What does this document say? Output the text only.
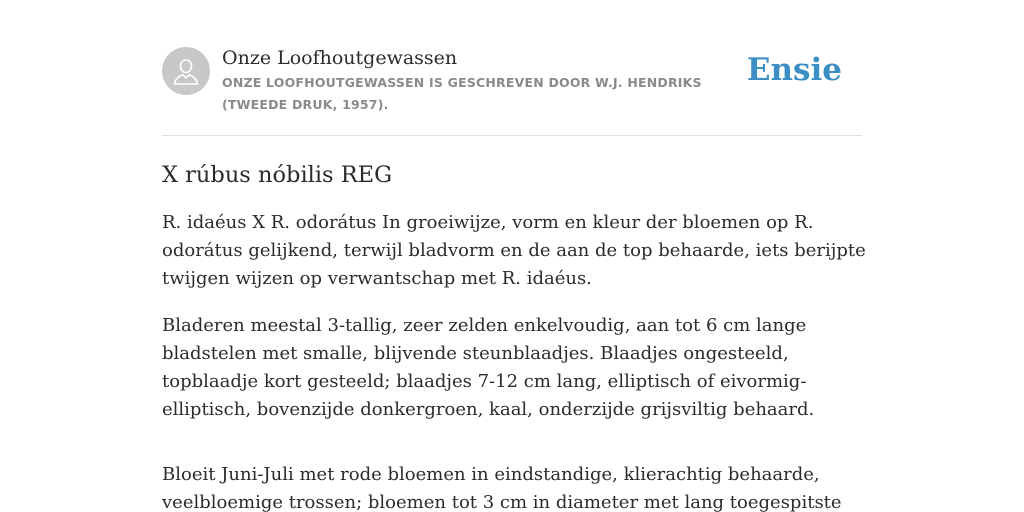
Onze Loofhoutgewassen

ONZE LOOFHOUTGEWASSEN IS GESCHREVEN DOOR W.J. HENDRIKS (TWEEDE DRUK, 1957).

Ensie
X rúbus nóbilis REG

R. idaéus X R. odorátus In groeiwijze, vorm en kleur der bloemen op R. odorátus gelijkend, terwijl bladvorm en de aan de top behaarde, iets berijpte twijgen wijzen op verwantschap met R. idaéus.

Bladeren meestal 3-tallig, zeer zelden enkelvoudig, aan tot 6 cm lange bladstelen met smalle, blijvende steunblaadjes. Blaadjes ongesteeld, topblaadje kort gesteeld; blaadjes 7-12 cm lang, elliptisch of eivormig-elliptisch, bovenzijde donkergroen, kaal, onderzijde grijsviltig behaard.

Bloeit Juni-Juli met rode bloemen in eindstandige, klierachtig behaarde, veelbloemige trossen; bloemen tot 3 cm in diameter met lang toegespitste
